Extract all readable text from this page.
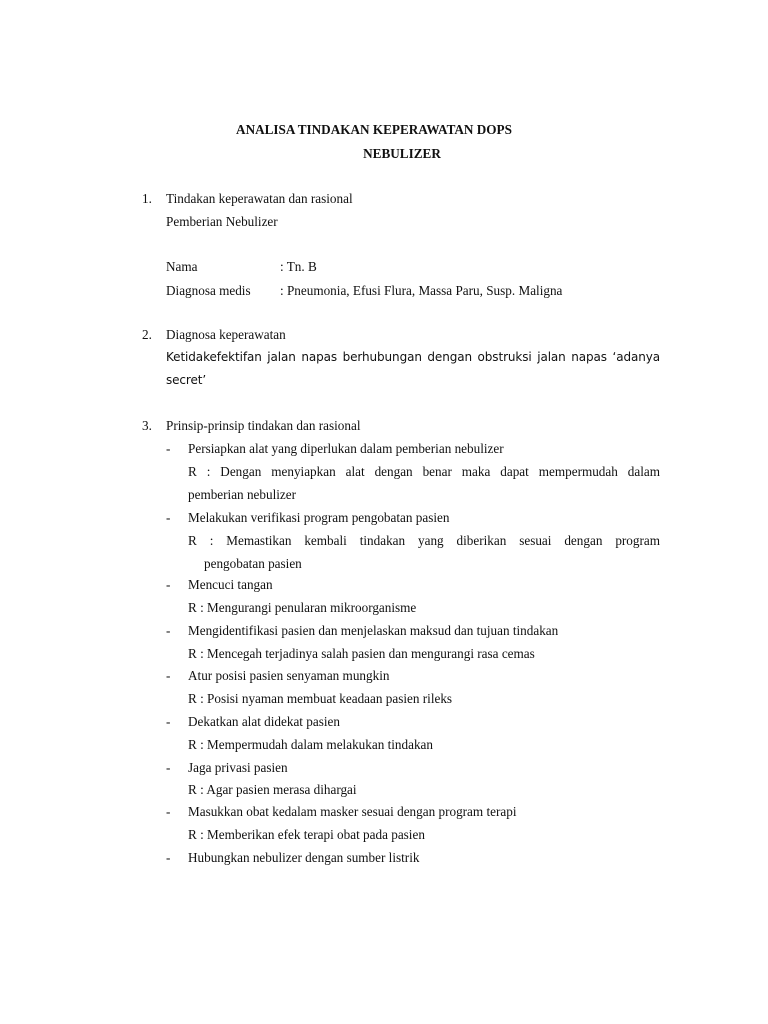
ANALISA TINDAKAN KEPERAWATAN DOPS
NEBULIZER
1. Tindakan keperawatan dan rasional
Pemberian Nebulizer
Nama	: Tn. B
Diagnosa medis : Pneumonia, Efusi Flura, Massa Paru, Susp. Maligna
2. Diagnosa keperawatan
Ketidakefektifan jalan napas berhubungan dengan obstruksi jalan napas ‘adanya
secret’
3. Prinsip-prinsip tindakan dan rasional
- Persiapkan alat yang diperlukan dalam pemberian nebulizer
R : Dengan menyiapkan alat dengan benar maka dapat mempermudah dalam
pemberian nebulizer
- Melakukan verifikasi program pengobatan pasien
R : Memastikan kembali tindakan yang diberikan sesuai dengan program
pengobatan pasien
- Mencuci tangan
R : Mengurangi penularan mikroorganisme
- Mengidentifikasi pasien dan menjelaskan maksud dan tujuan tindakan
R : Mencegah terjadinya salah pasien dan mengurangi rasa cemas
- Atur posisi pasien senyaman mungkin
R : Posisi nyaman membuat keadaan pasien rileks
- Dekatkan alat didekat pasien
R : Mempermudah dalam melakukan tindakan
- Jaga privasi pasien
R : Agar pasien merasa dihargai
- Masukkan obat kedalam masker sesuai dengan program terapi
R : Memberikan efek terapi obat pada pasien
- Hubungkan nebulizer dengan sumber listrik
